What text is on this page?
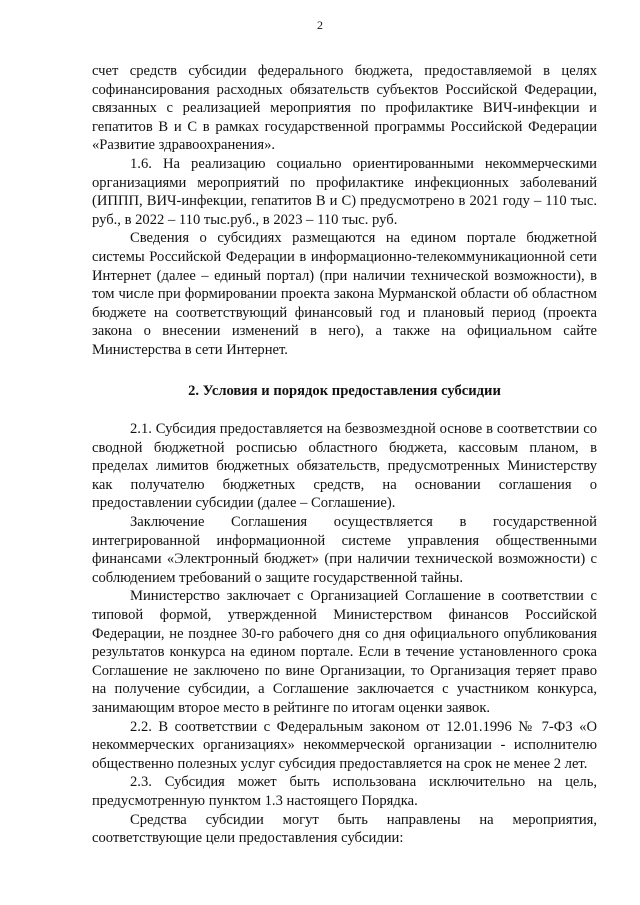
2

счет средств субсидии федерального бюджета, предоставляемой в целях софинансирования расходных обязательств субъектов Российской Федерации, связанных с реализацией мероприятия по профилактике ВИЧ-инфекции и гепатитов В и С в рамках государственной программы Российской Федерации «Развитие здравоохранения».

1.6. На реализацию социально ориентированными некоммерческими организациями мероприятий по профилактике инфекционных заболеваний (ИППП, ВИЧ-инфекции, гепатитов В и С) предусмотрено в 2021 году – 110 тыс. руб., в 2022 – 110 тыс.руб., в 2023 – 110 тыс. руб.

Сведения о субсидиях размещаются на едином портале бюджетной системы Российской Федерации в информационно-телекоммуникационной сети Интернет (далее – единый портал) (при наличии технической возможности), в том числе при формировании проекта закона Мурманской области об областном бюджете на соответствующий финансовый год и плановый период (проекта закона о внесении изменений в него), а также на официальном сайте Министерства в сети Интернет.

2. Условия и порядок предоставления субсидии

2.1. Субсидия предоставляется на безвозмездной основе в соответствии со сводной бюджетной росписью областного бюджета, кассовым планом, в пределах лимитов бюджетных обязательств, предусмотренных Министерству как получателю бюджетных средств, на основании соглашения о предоставлении субсидии (далее – Соглашение).

Заключение Соглашения осуществляется в государственной интегрированной информационной системе управления общественными финансами «Электронный бюджет» (при наличии технической возможности) с соблюдением требований о защите государственной тайны.

Министерство заключает с Организацией Соглашение в соответствии с типовой формой, утвержденной Министерством финансов Российской Федерации, не позднее 30-го рабочего дня со дня официального опубликования результатов конкурса на едином портале. Если в течение установленного срока Соглашение не заключено по вине Организации, то Организация теряет право на получение субсидии, а Соглашение заключается с участником конкурса, занимающим второе место в рейтинге по итогам оценки заявок.

2.2. В соответствии с Федеральным законом от 12.01.1996 № 7-ФЗ «О некоммерческих организациях» некоммерческой организации - исполнителю общественно полезных услуг субсидия предоставляется на срок не менее 2 лет.

2.3. Субсидия может быть использована исключительно на цель, предусмотренную пунктом 1.3 настоящего Порядка.

Средства субсидии могут быть направлены на мероприятия, соответствующие цели предоставления субсидии:
